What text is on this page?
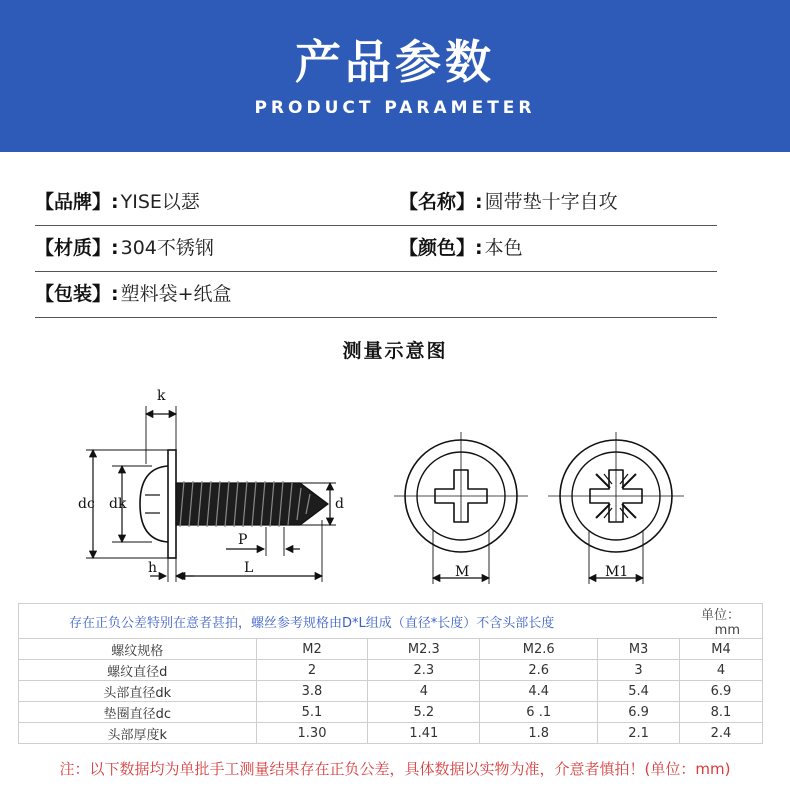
产品参数
PRODUCT PARAMETER
【品牌】: YISE以瑟	【名称】: 圆带垫十字自攻
【材质】: 304不锈钢	【颜色】: 本色
【包装】: 塑料袋+纸盒
测量示意图
k
dc dk	d
P
h	L	M	M1
存在正负公差特别在意者甚拍，螺丝参考规格由D*L组成（直径*长度）不含头部长度					单位：mm
螺纹规格	M2	M2.3	M2.6	M3	M4
螺纹直径d	2	2.3	2.6	3	4
头部直径dk	3.8	4	4.4	5.4	6.9
垫圈直径dc	5.1	5.2	6 .1	6.9	8.1
头部厚度k	1.30	1.41	1.8	2.1	2.4
注：以下数据均为单批手工测量结果存在正负公差，具体数据以实物为准，介意者慎拍！(单位：mm)
